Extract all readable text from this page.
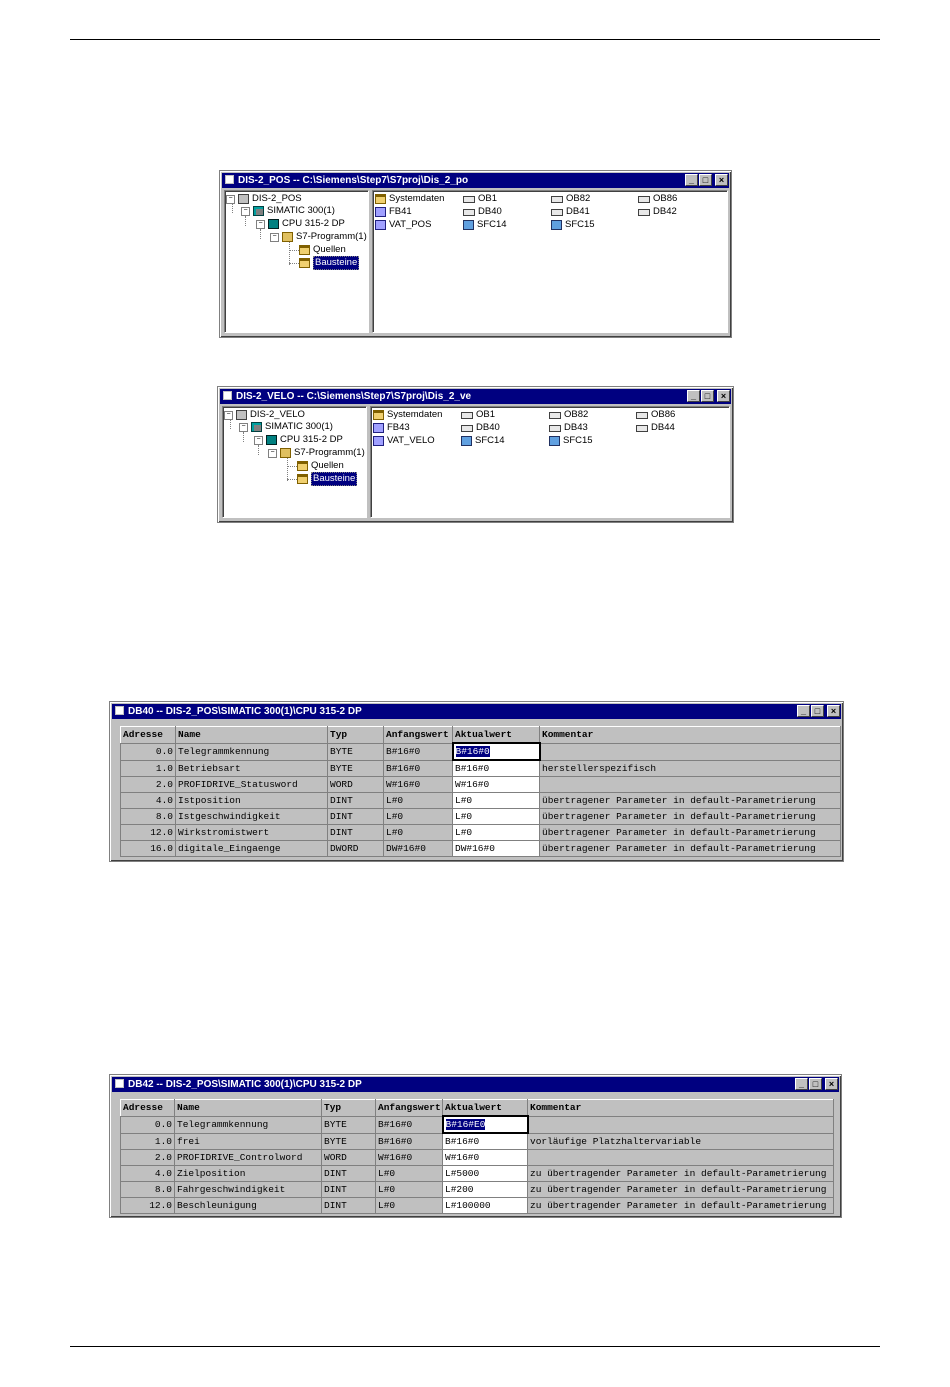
DIS-2_POS -- C:\Siemens\Step7\S7proj\Dis_2_po	_ □	×
− DIS-2_POS
− SIMATIC 300(1)
− CPU 315-2 DP
− S7-Programm(1)
Quellen
Bausteine
Systemdaten	OB1	OB82	OB86
FB41	DB40	DB41	DB42
VAT_POS	SFC14	SFC15
DIS-2_VELO -- C:\Siemens\Step7\S7proj\Dis_2_ve	_ □	×
− DIS-2_VELO
− SIMATIC 300(1)
− CPU 315-2 DP
− S7-Programm(1)
Quellen
Bausteine
Systemdaten	OB1	OB82	OB86
FB43	DB40	DB43	DB44
VAT_VELO	SFC14	SFC15
DB40 -- DIS-2_POS\SIMATIC 300(1)\CPU 315-2 DP	_ □	×
Adresse	Name	Typ	Anfangswert	Aktualwert	Kommentar
0.0	Telegrammkennung	BYTE	B#16#0	B#16#0	
1.0	Betriebsart	BYTE	B#16#0	B#16#0	herstellerspezifisch
2.0	PROFIDRIVE_Statusword	WORD	W#16#0	W#16#0	
4.0	Istposition	DINT	L#0	L#0	übertragener Parameter in default-Parametrierung
8.0	Istgeschwindigkeit	DINT	L#0	L#0	übertragener Parameter in default-Parametrierung
12.0	Wirkstromistwert	DINT	L#0	L#0	übertragener Parameter in default-Parametrierung
16.0	digitale_Eingaenge	DWORD	DW#16#0	DW#16#0	übertragener Parameter in default-Parametrierung
DB42 -- DIS-2_POS\SIMATIC 300(1)\CPU 315-2 DP	_ □	×
Adresse	Name	Typ	Anfangswert	Aktualwert	Kommentar
0.0	Telegrammkennung	BYTE	B#16#0	B#16#E0	
1.0	frei	BYTE	B#16#0	B#16#0	vorläufige Platzhaltervariable
2.0	PROFIDRIVE_Controlword	WORD	W#16#0	W#16#0	
4.0	Zielposition	DINT	L#0	L#5000	zu übertragender Parameter in default-Parametrierung
8.0	Fahrgeschwindigkeit	DINT	L#0	L#200	zu übertragender Parameter in default-Parametrierung
12.0	Beschleunigung	DINT	L#0	L#100000	zu übertragender Parameter in default-Parametrierung
